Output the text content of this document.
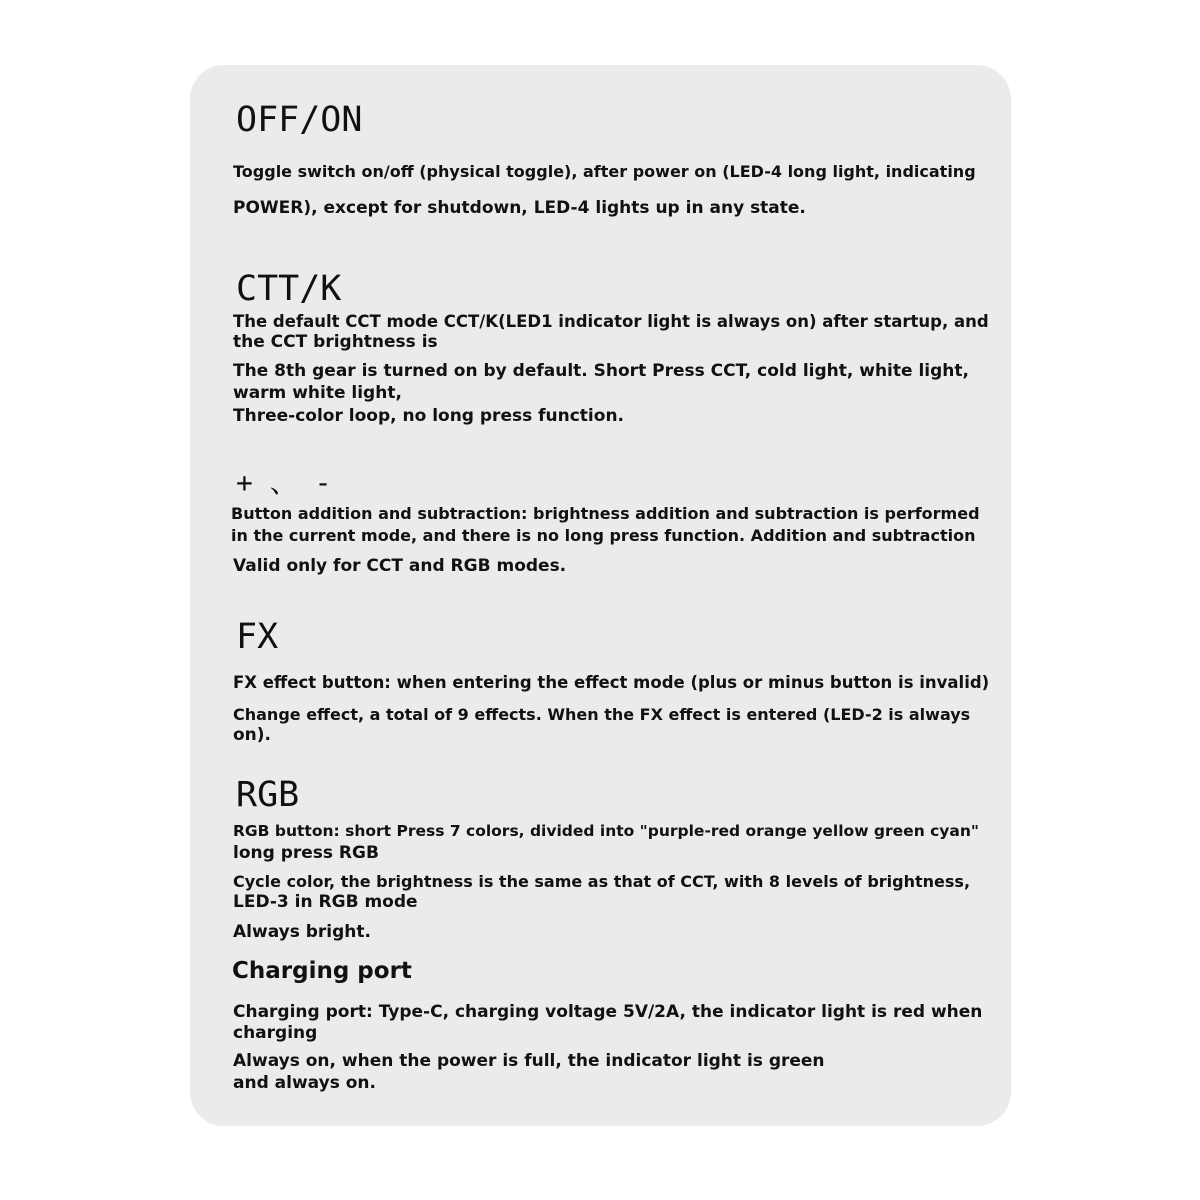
OFF/ON

Toggle switch on/off (physical toggle), after power on (LED-4 long light, indicating

POWER), except for shutdown, LED-4 lights up in any state.

CTT/K

The default CCT mode CCT/K(LED1 indicator light is always on) after startup, and

the CCT brightness is

The 8th gear is turned on by default. Short Press CCT, cold light, white light,

warm white light,

Three-color loop, no long press function.

+ 、 -

Button addition and subtraction: brightness addition and subtraction is performed

in the current mode, and there is no long press function. Addition and subtraction

Valid only for CCT and RGB modes.

FX

FX effect button: when entering the effect mode (plus or minus button is invalid)

Change effect, a total of 9 effects. When the FX effect is entered (LED-2 is always

on).

RGB

RGB button: short Press 7 colors, divided into "purple-red orange yellow green cyan"

long press RGB

Cycle color, the brightness is the same as that of CCT, with 8 levels of brightness,

LED-3 in RGB mode

Always bright.

Charging port

Charging port: Type-C, charging voltage 5V/2A, the indicator light is red when

charging

Always on, when the power is full, the indicator light is green

and always on.
